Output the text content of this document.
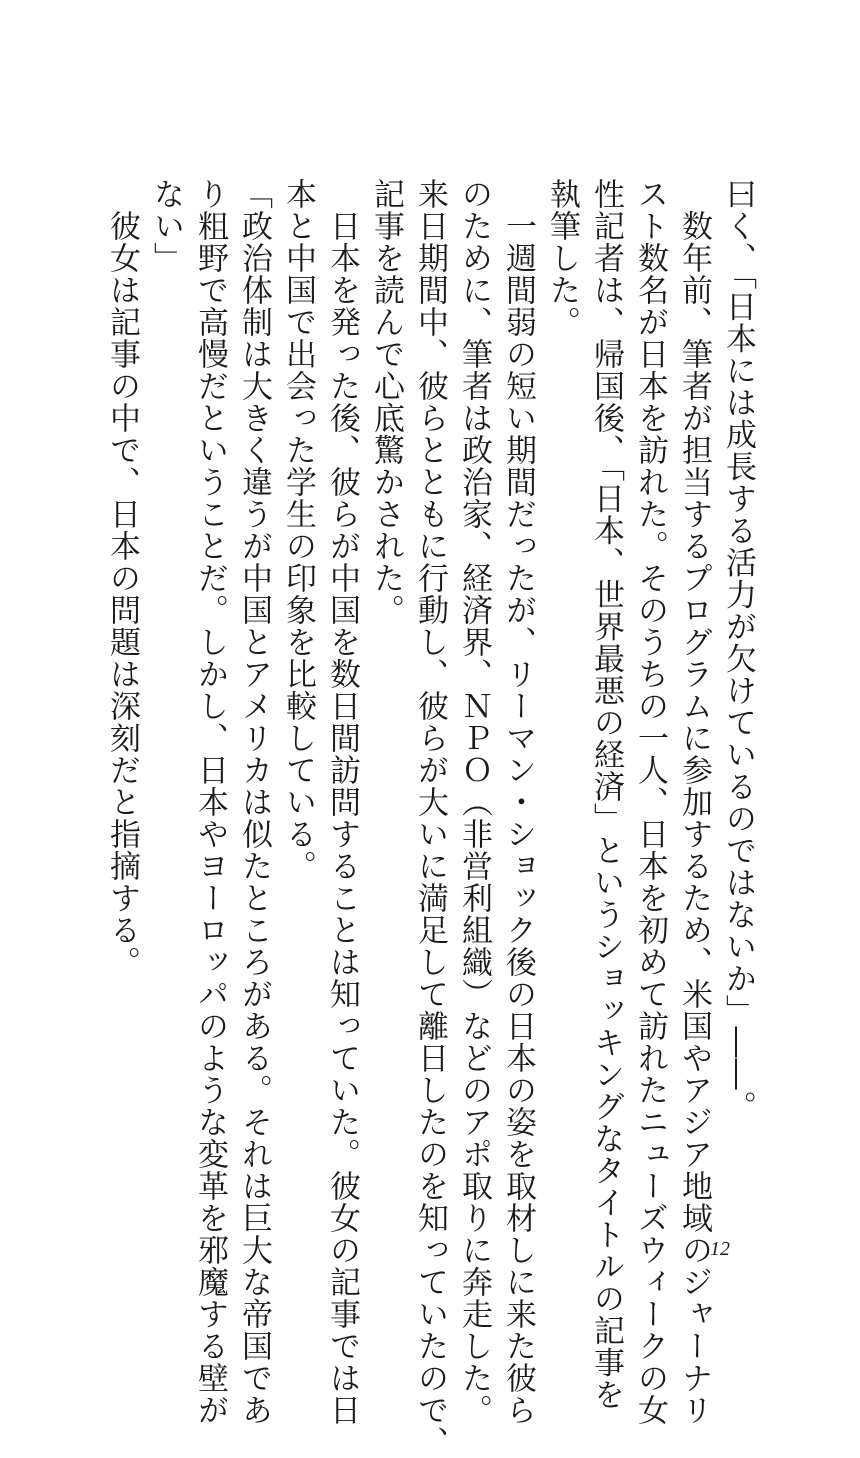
曰く、「日本には成長する活力が欠けているのではないか」――。
　数年前、筆者が担当するプログラムに参加するため、米国やアジア地域のジャーナリ
スト数名が日本を訪れた。そのうちの一人、日本を初めて訪れたニューズウィークの女
性記者は、帰国後、「日本、世界最悪の経済」というショッキングなタイトルの記事を
執筆した。
　一週間弱の短い期間だったが、リーマン・ショック後の日本の姿を取材しに来た彼ら
のために、筆者は政治家、経済界、ＮＰＯ（非営利組織）などのアポ取りに奔走した。
来日期間中、彼らとともに行動し、彼らが大いに満足して離日したのを知っていたので、
記事を読んで心底驚かされた。
　日本を発った後、彼らが中国を数日間訪問することは知っていた。彼女の記事では日
本と中国で出会った学生の印象を比較している。
「政治体制は大きく違うが中国とアメリカは似たところがある。それは巨大な帝国であ
り粗野で高慢だということだ。しかし、日本やヨーロッパのような変革を邪魔する壁が
ない」
　彼女は記事の中で、日本の問題は深刻だと指摘する。
12
